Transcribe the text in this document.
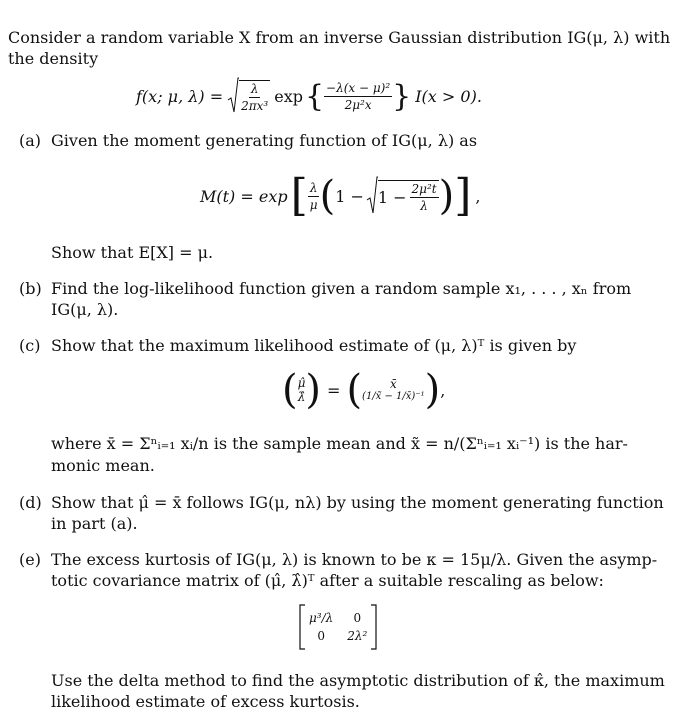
Consider a random variable X from an inverse Gaussian distribution IG(μ, λ) with
the density
f(x; μ, $\lambda) = \frac{\lambda}{\text{2πx³}}$ exp { $\frac{\text{−λ(x − μ)²}}{\text{2μ²x}}$ } I(x > 0).
(a) Given the moment generating function of IG(μ, λ) as
M(t) = exp [ $\frac{\lambda}{\mu}$ ( $1 - 1 - \frac{\text{2μ²t}}{\lambda}$ ) ] ,
Show that E[X] = μ.
(b) Find the log-likelihood function given a random sample x₁, . . . , xₙ from
IG(μ, λ).
(c) Show that the maximum likelihood estimate of (μ, λ)ᵀ is given by
( μ̂
λ̂ ) = ( x̄
(1/x̃ − 1/x̄)⁻¹ ) ,
where x̄ = Σⁿᵢ₌₁ xᵢ/n is the sample mean and x̃ = n/(Σⁿᵢ₌₁ xᵢ⁻¹) is the har-
monic mean.
(d) Show that μ̂ = x̄ follows IG(μ, nλ) by using the moment generating function
in part (a).
(e) The excess kurtosis of IG(μ, λ) is known to be κ = 15μ/λ. Given the asymp-
totic covariance matrix of (μ̂, λ̂)ᵀ after a suitable rescaling as below:
μ³/λ	0
0	2λ²
Use the delta method to find the asymptotic distribution of κ̂, the maximum
likelihood estimate of excess kurtosis.
